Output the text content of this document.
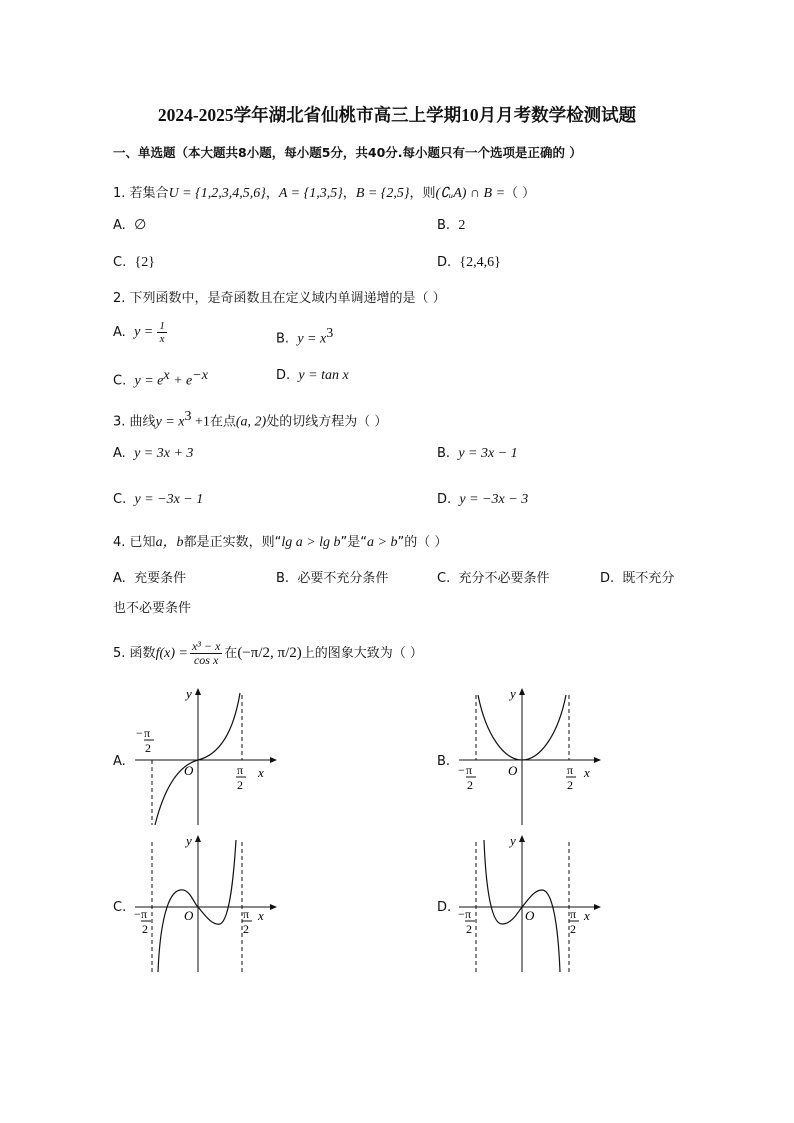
2024-2025学年湖北省仙桃市高三上学期10月月考数学检测试题
一、单选题（本大题共8小题，每小题5分，共40分.每小题只有一个选项是正确的 ）
1. 若集合U = {1,2,3,4,5,6}，A = {1,3,5}，B = {2,5}，则(∁ᵤA) ∩ B =（ ）
A. ∅	B. 2
C. {2}	D. {2,4,6}
2. 下列函数中，是奇函数且在定义域内单调递增的是（ ）
A. $y = \frac{1}{x}$	B. $y = x^3$
C. $y = e^x + e^{-x}$	D. y = tan x
3. 曲线$y = x^3 +1$在点(a, 2)处的切线方程为（ ）
A. y = 3x + 3	B. y = 3x − 1
C. y = −3x − 1	D. y = −3x − 3
4. 已知a，b都是正实数，则“lg a > lg b”是“a > b”的（ ）
A. 充要条件	B. 必要不充分条件	C. 充分不必要条件	D. 既不充分
也不必要条件
5.
函数 $f(x) = \frac{\text{x³ − x}}{\text{cos x}}$ 在 (−π/2, π/2) 上的图象大致为（ ）
A.	B.
C.	D.
y
x
O
− π
2
π
2
y
x
O
− π
2
π
2
y
x
O
− π
2
π
2
y
x
O
− π
2
π
2
